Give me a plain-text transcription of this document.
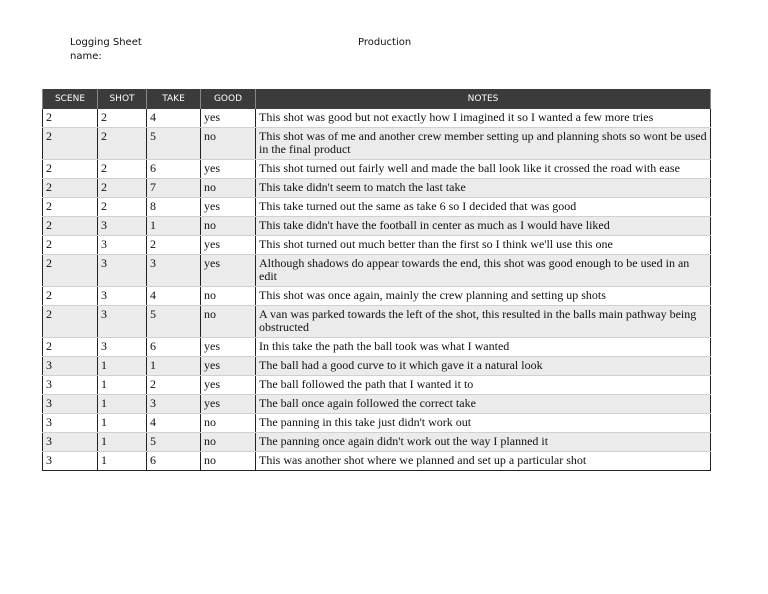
Logging Sheet
name:
Production
SCENE	SHOT	TAKE	GOOD	NOTES
2	2	4	yes	This shot was good but not exactly how I imagined it so I wanted a few more tries
2	2	5	no	This shot was of me and another crew member setting up and planning shots so wont be used in the final product
2	2	6	yes	This shot turned out fairly well and made the ball look like it crossed the road with ease
2	2	7	no	This take didn't seem to match the last take
2	2	8	yes	This take turned out the same as take 6 so I decided that was good
2	3	1	no	This take didn't have the football in center as much as I would have liked
2	3	2	yes	This shot turned out much better than the first so I think we'll use this one
2	3	3	yes	Although shadows do appear towards the end, this shot was good enough to be used in an edit
2	3	4	no	This shot was once again, mainly the crew planning and setting up shots
2	3	5	no	A van was parked towards the left of the shot, this resulted in the balls main pathway being obstructed
2	3	6	yes	In this take the path the ball took was what I wanted
3	1	1	yes	The ball had a good curve to it which gave it a natural look
3	1	2	yes	The ball followed the path that I wanted it to
3	1	3	yes	The ball once again followed the correct take
3	1	4	no	The panning in this take just didn't work out
3	1	5	no	The panning once again didn't work out the way I planned it
3	1	6	no	This was another shot where we planned and set up a particular shot
